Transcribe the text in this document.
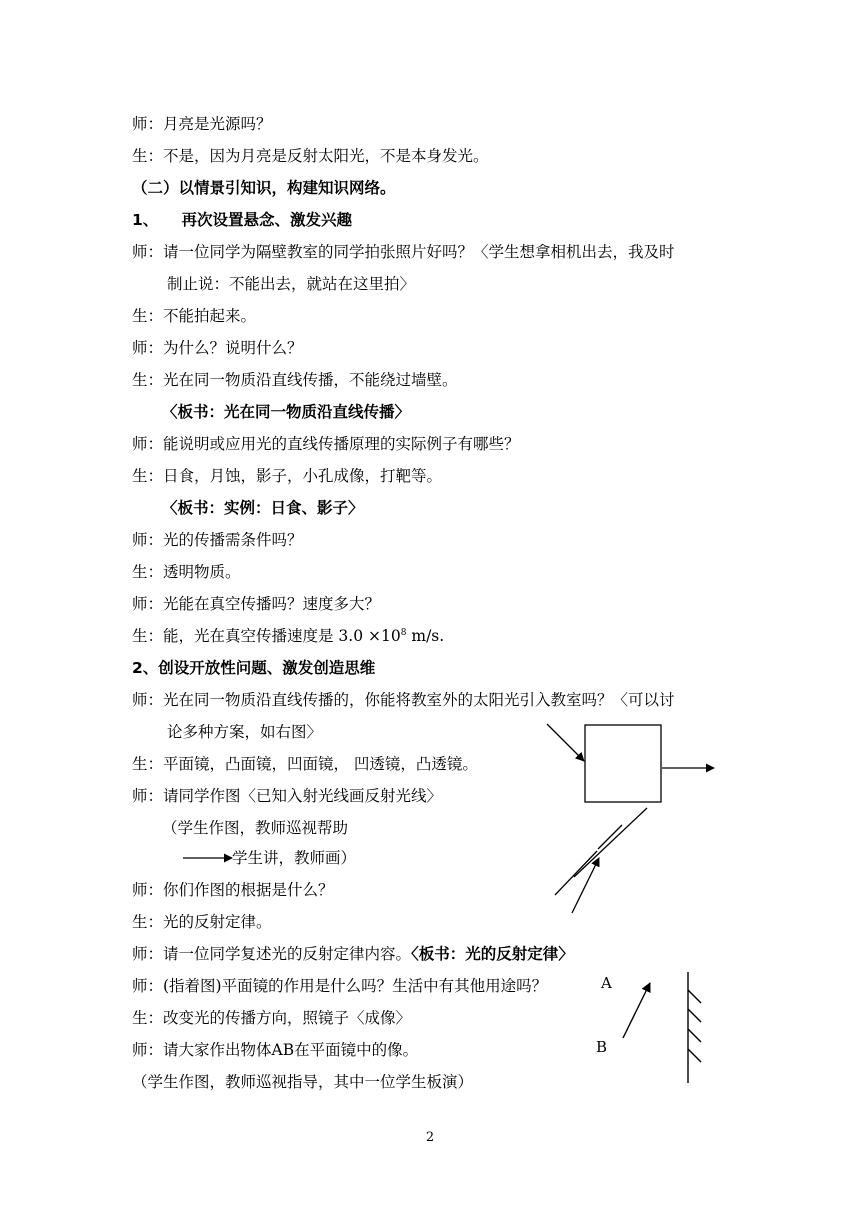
师：月亮是光源吗？
生：不是，因为月亮是反射太阳光，不是本身发光。
（二）以情景引知识，构建知识网络。
1、　　再次设置悬念、激发兴趣
师：请一位同学为隔壁教室的同学拍张照片好吗？〈学生想拿相机出去，我及时
制止说：不能出去，就站在这里拍〉
生：不能拍起来。
师：为什么？说明什么？
生：光在同一物质沿直线传播，不能绕过墙壁。
〈板书：光在同一物质沿直线传播〉
师：能说明或应用光的直线传播原理的实际例子有哪些？
生：日食，月蚀，影子，小孔成像，打靶等。
〈板书：实例：日食、影子〉
师：光的传播需条件吗？
生：透明物质。
师：光能在真空传播吗？速度多大？
生：能，光在真空传播速度是 $3.0 \times 10^8$ m/s.
2、创设开放性问题、激发创造思维
师：光在同一物质沿直线传播的，你能将教室外的太阳光引入教室吗？〈可以讨
论多种方案，如右图〉
生：平面镜，凸面镜，凹面镜， 凹透镜，凸透镜。
师：请同学作图〈已知入射光线画反射光线〉
（学生作图，教师巡视帮助
学生讲，教师画）
师：你们作图的根据是什么？
生：光的反射定律。
师：请一位同学复述光的反射定律内容。〈板书：光的反射定律〉
师：(指着图)平面镜的作用是什么吗？生活中有其他用途吗？
生：改变光的传播方向，照镜子〈成像〉
师：请大家作出物体AB在平面镜中的像。
（学生作图，教师巡视指导，其中一位学生板演）
A
B
2
